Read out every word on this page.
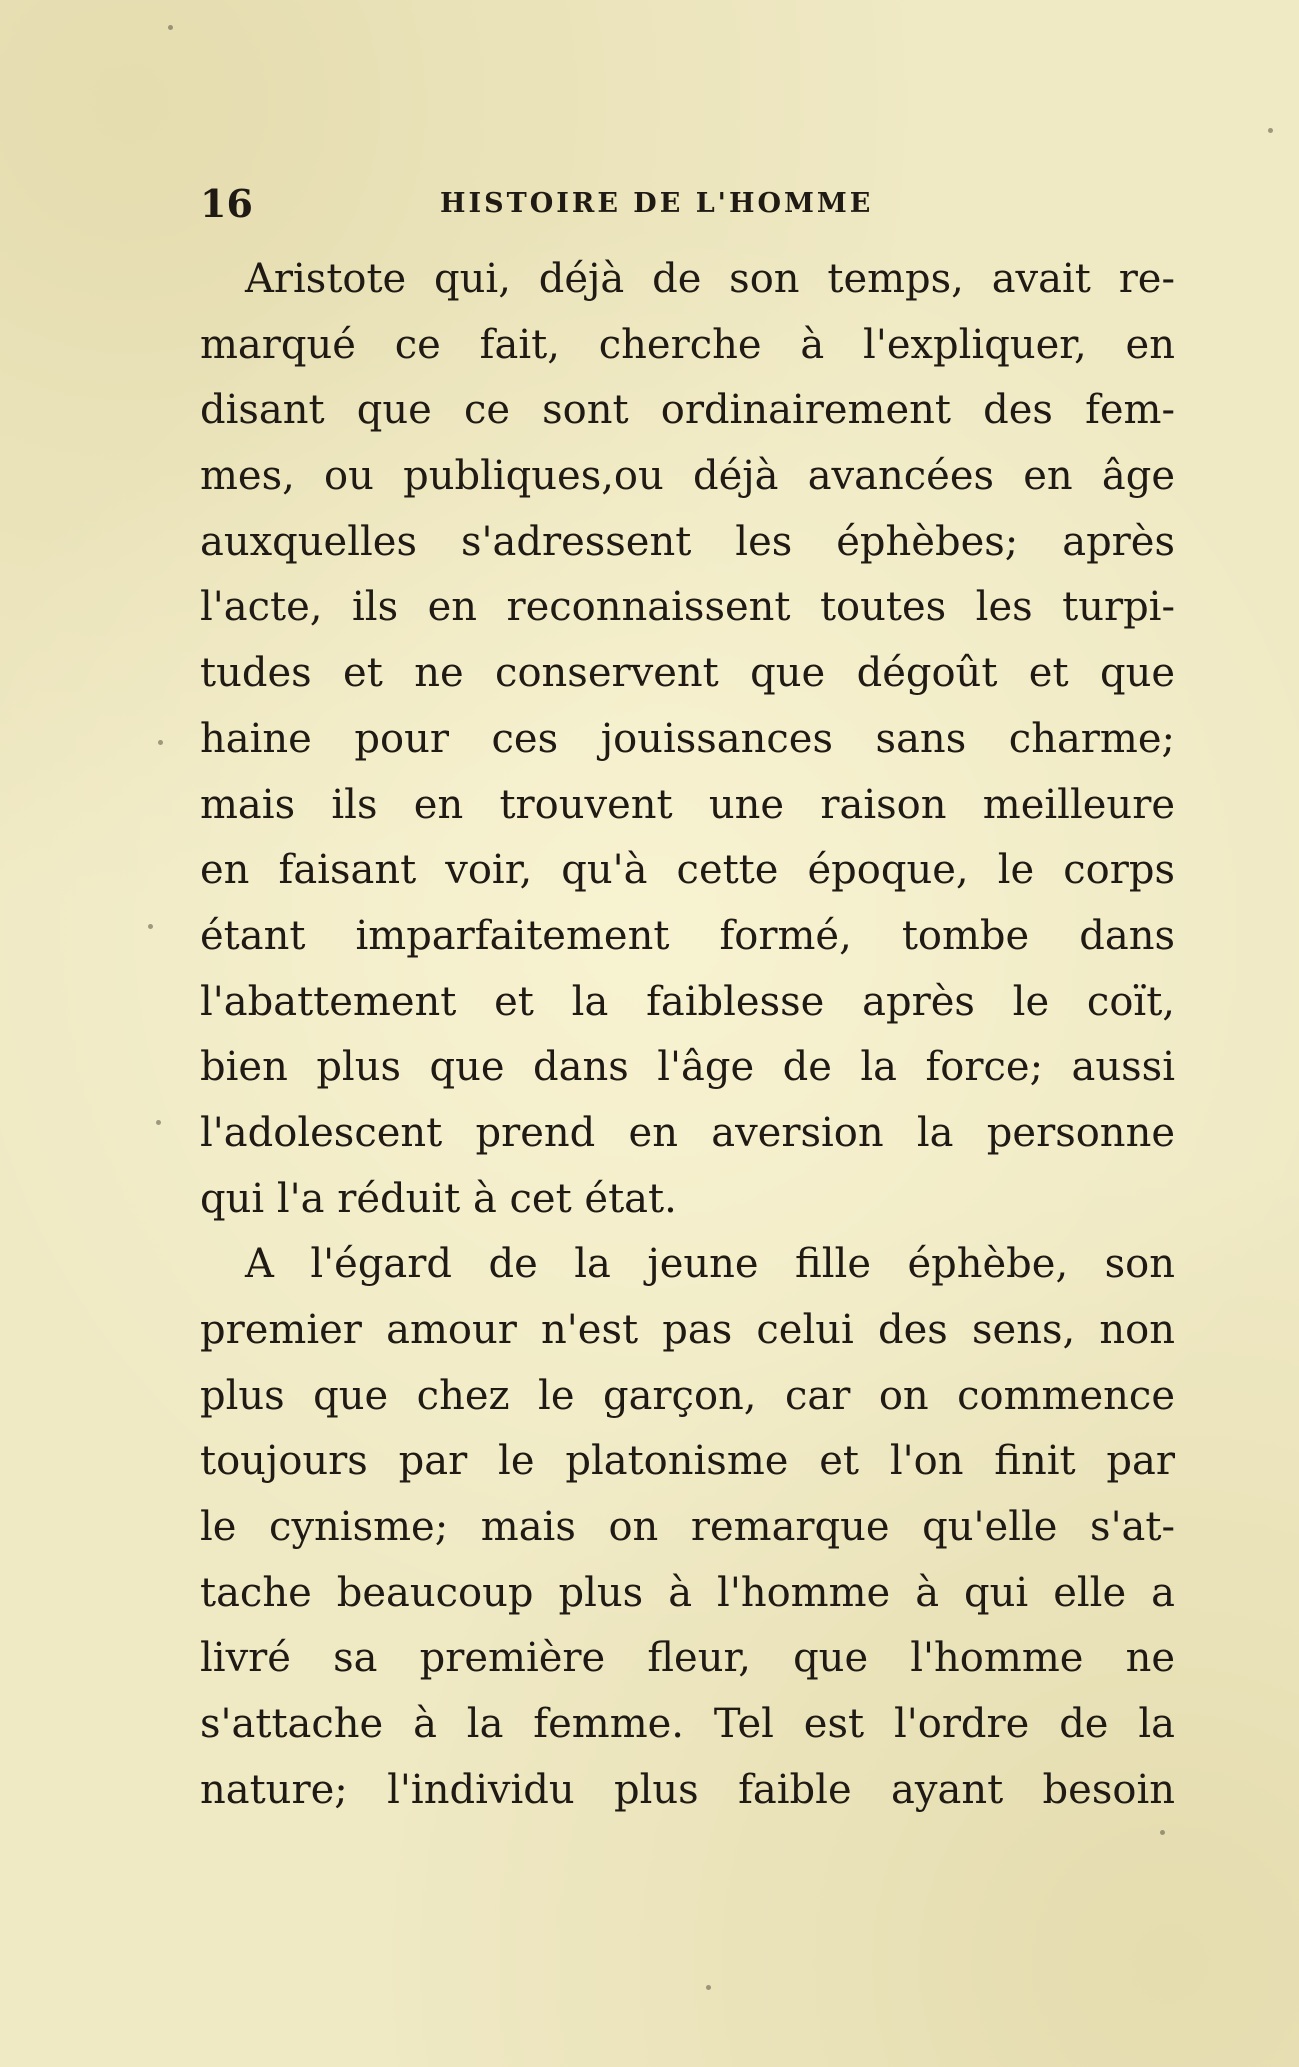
16	HISTOIRE DE L'HOMME
Aristote qui, déjà de son temps, avait re-
marqué ce fait, cherche à l'expliquer, en
disant que ce sont ordinairement des fem-
mes, ou publiques,ou déjà avancées en âge
auxquelles s'adressent les éphèbes; après
l'acte, ils en reconnaissent toutes les turpi-
tudes et ne conservent que dégoût et que
haine pour ces jouissances sans charme;
mais ils en trouvent une raison meilleure
en faisant voir, qu'à cette époque, le corps
étant imparfaitement formé, tombe dans
l'abattement et la faiblesse après le coït,
bien plus que dans l'âge de la force; aussi
l'adolescent prend en aversion la personne
qui l'a réduit à cet état.
A l'égard de la jeune fille éphèbe, son
premier amour n'est pas celui des sens, non
plus que chez le garçon, car on commence
toujours par le platonisme et l'on finit par
le cynisme; mais on remarque qu'elle s'at-
tache beaucoup plus à l'homme à qui elle a
livré sa première fleur, que l'homme ne
s'attache à la femme. Tel est l'ordre de la
nature; l'individu plus faible ayant besoin
